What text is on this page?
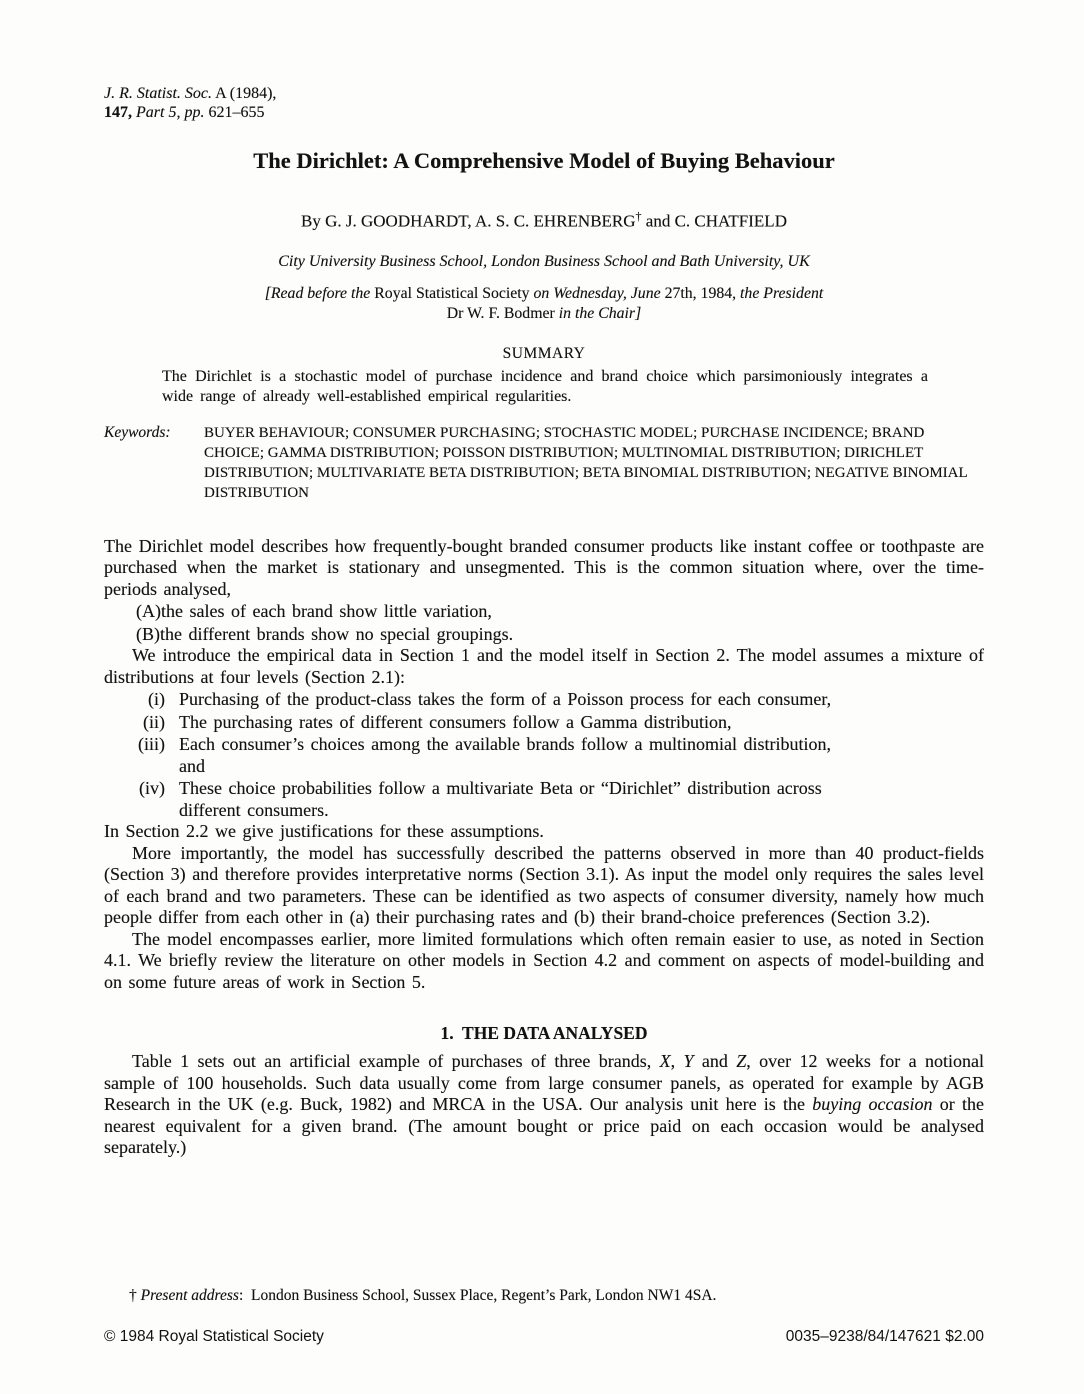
J. R. Statist. Soc. A (1984),
147, Part 5, pp. 621–655
The Dirichlet: A Comprehensive Model of Buying Behaviour
By G. J. GOODHARDT, A. S. C. EHRENBERG† and C. CHATFIELD
City University Business School, London Business School and Bath University, UK
[Read before the Royal Statistical Society on Wednesday, June 27th, 1984, the President
Dr W. F. Bodmer in the Chair]
SUMMARY

The Dirichlet is a stochastic model of purchase incidence and brand choice which parsimoniously integrates a wide range of already well-established empirical regularities.

Keywords: BUYER BEHAVIOUR; CONSUMER PURCHASING; STOCHASTIC MODEL; PURCHASE INCIDENCE; BRAND CHOICE; GAMMA DISTRIBUTION; POISSON DISTRIBUTION; MULTINOMIAL DISTRIBUTION; DIRICHLET DISTRIBUTION; MULTIVARIATE BETA DISTRIBUTION; BETA BINOMIAL DISTRIBUTION; NEGATIVE BINOMIAL DISTRIBUTION

The Dirichlet model describes how frequently-bought branded consumer products like instant coffee or toothpaste are purchased when the market is stationary and unsegmented. This is the common situation where, over the time-periods analysed,

(A) the sales of each brand show little variation,
(B) the different brands show no special groupings.

We introduce the empirical data in Section 1 and the model itself in Section 2. The model assumes a mixture of distributions at four levels (Section 2.1):

(i) Purchasing of the product-class takes the form of a Poisson process for each consumer,
(ii) The purchasing rates of different consumers follow a Gamma distribution,
(iii) Each consumer’s choices among the available brands follow a multinomial distribution,
and
(iv) These choice probabilities follow a multivariate Beta or “Dirichlet” distribution across
different consumers.

In Section 2.2 we give justifications for these assumptions.

More importantly, the model has successfully described the patterns observed in more than 40 product-fields (Section 3) and therefore provides interpretative norms (Section 3.1). As input the model only requires the sales level of each brand and two parameters. These can be identified as two aspects of consumer diversity, namely how much people differ from each other in (a) their purchasing rates and (b) their brand-choice preferences (Section 3.2).

The model encompasses earlier, more limited formulations which often remain easier to use, as noted in Section 4.1. We briefly review the literature on other models in Section 4.2 and comment on aspects of model-building and on some future areas of work in Section 5.

1.  THE DATA ANALYSED

Table 1 sets out an artificial example of purchases of three brands, X, Y and Z, over 12 weeks for a notional sample of 100 households. Such data usually come from large consumer panels, as operated for example by AGB Research in the UK (e.g. Buck, 1982) and MRCA in the USA. Our analysis unit here is the buying occasion or the nearest equivalent for a given brand. (The amount bought or price paid on each occasion would be analysed separately.)

† Present address: London Business School, Sussex Place, Regent’s Park, London NW1 4SA.
© 1984 Royal Statistical Society	0035–9238/84/147621 $2.00
